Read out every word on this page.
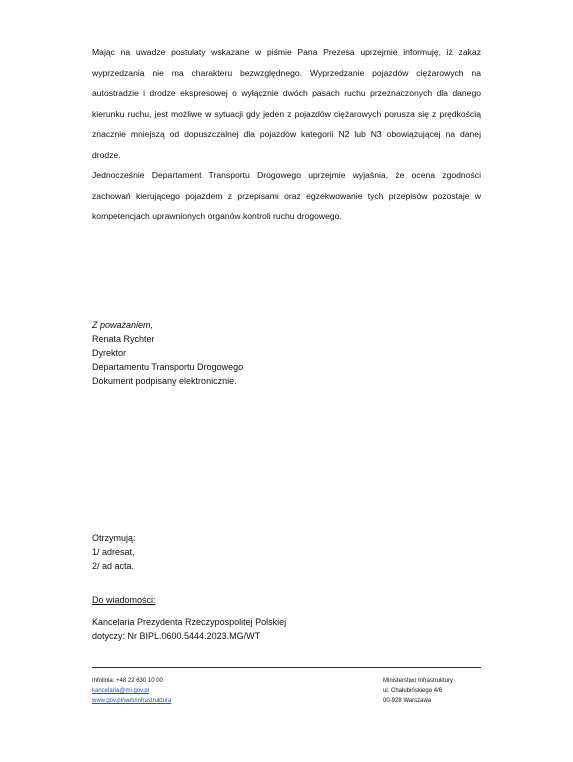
Mając na uwadze postulaty wskazane w piśmie Pana Prezesa uprzejmie informuję, iż zakaz wyprzedzania nie ma charakteru bezwzględnego. Wyprzedzanie pojazdów ciężarowych na autostradzie i drodze ekspresowej o wyłącznie dwóch pasach ruchu przeznaczonych dla danego kierunku ruchu, jest możliwe w sytuacji gdy jeden z pojazdów ciężarowych porusza się z prędkością znacznie mniejszą od dopuszczalnej dla pojazdów kategorii N2 lub N3 obowiązującej na danej drodze.

Jednocześnie Departament Transportu Drogowego uprzejmie wyjaśnia, że ocena zgodności zachowań kierującego pojazdem z przepisami oraz egzekwowanie tych przepisów pozostaje w kompetencjach uprawnionych organów kontroli ruchu drogowego.

Z poważaniem,
Renata Rychter
Dyrektor
Departamentu Transportu Drogowego
Dokument podpisany elektronicznie.
Otrzymują:
1/ adresat,
2/ ad acta.
Do wiadomości:
Kancelaria Prezydenta Rzeczypospolitej Polskiej
dotyczy: Nr BIPL.0600.5444.2023.MG/WT
Infolinia: +48 22 630 10 00
kancelaria@mi.gov.pl
www.gov.pl/web/infrastruktura
Ministerstwo Infrastruktury
ul. Chałubińskiego 4/6
00-928 Warszawa
